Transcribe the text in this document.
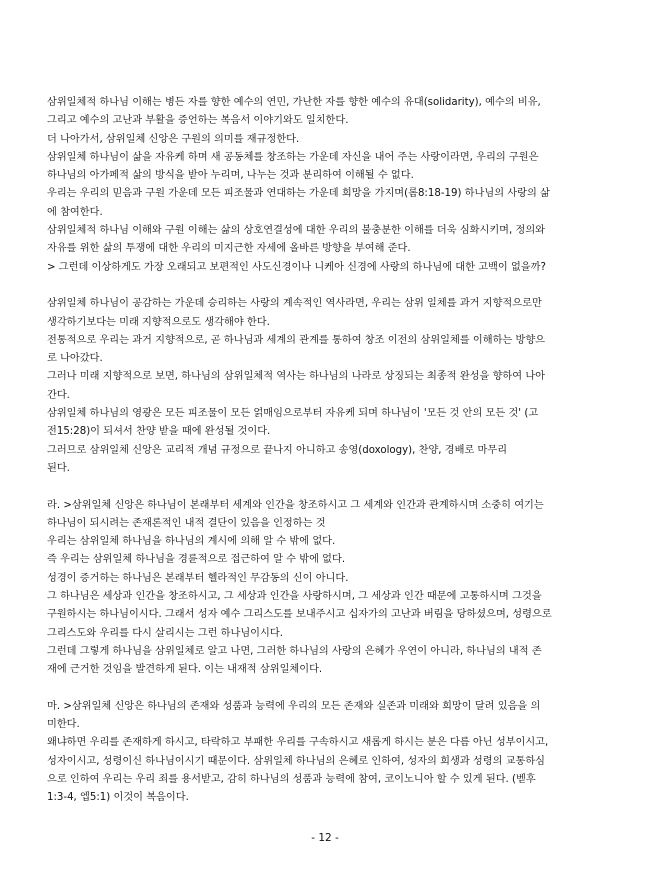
삼위일체적 하나님 이해는 병든 자를 향한 예수의 연민, 가난한 자를 향한 예수의 유대(solidarity), 예수의 비유,

그리고 예수의 고난과 부활을 증언하는 복음서 이야기와도 일치한다.

더 나아가서, 삼위일체 신앙은 구원의 의미를 재규정한다.

삼위일체 하나님이 삶을 자유케 하며 새 공동체를 창조하는 가운데 자신을 내어 주는 사랑이라면, 우리의 구원은

하나님의 아가페적 삶의 방식을 받아 누리며, 나누는 것과 분리하여 이해될 수 없다.

우리는 우리의 믿음과 구원 가운데 모든 피조물과 연대하는 가운데 희망을 가지며(롬8:18-19) 하나님의 사랑의 삶

에 참여한다.

삼위일체적 하나님 이해와 구원 이해는 삶의 상호연결성에 대한 우리의 불충분한 이해를 더욱 심화시키며, 정의와

자유를 위한 삶의 투쟁에 대한 우리의 미지근한 자세에 올바른 방향을 부여해 준다.

> 그런데 이상하게도 가장 오래되고 보편적인 사도신경이나 니케아 신경에 사랑의 하나님에 대한 고백이 없을까?

삼위일체 하나님이 공감하는 가운데 승리하는 사랑의 계속적인 역사라면, 우리는 삼위 일체를 과거 지향적으로만

생각하기보다는 미래 지향적으로도 생각해야 한다.

전통적으로 우리는 과거 지향적으로, 곧 하나님과 세계의 관계를 통하여 창조 이전의 삼위일체를 이해하는 방향으

로 나아갔다.

그러나 미래 지향적으로 보면, 하나님의 삼위일체적 역사는 하나님의 나라로 상징되는 최종적 완성을 향하여 나아

간다.

삼위일체 하나님의 영광은 모든 피조물이 모든 얽매임으로부터 자유케 되며 하나님이 '모든 것 안의 모든 것' (고

전15:28)이 되셔서 찬양 받을 때에 완성될 것이다.

그러므로 삼위일체 신앙은 교리적 개념 규정으로 끝나지 아니하고 송영(doxology), 찬양, 경배로 마무리

된다.

라. >삼위일체 신앙은 하나님이 본래부터 세계와 인간을 창조하시고 그 세계와 인간과 관계하시며 소중히 여기는

하나님이 되시려는 존재론적인 내적 결단이 있음을 인정하는 것

우리는 삼위일체 하나님을 하나님의 계시에 의해 알 수 밖에 없다.

즉 우리는 삼위일체 하나님을 경륜적으로 접근하여 알 수 밖에 없다.

성경이 증거하는 하나님은 본래부터 헬라적인 무감동의 신이 아니다.

그 하나님은 세상과 인간을 창조하시고, 그 세상과 인간을 사랑하시며, 그 세상과 인간 때문에 고통하시며 그것을

구원하시는 하나님이시다. 그래서 성자 예수 그리스도를 보내주시고 십자가의 고난과 버림을 당하셨으며, 성령으로

그리스도와 우리를 다시 살리시는 그런 하나님이시다.

그런데 그렇게 하나님을 삼위일체로 알고 나면, 그러한 하나님의 사랑의 은혜가 우연이 아니라, 하나님의 내적 존

재에 근거한 것임을 발견하게 된다. 이는 내재적 삼위일체이다.

마. >삼위일체 신앙은 하나님의 존재와 성품과 능력에 우리의 모든 존재와 실존과 미래와 희망이 달려 있음을 의

미한다.

왜냐하면 우리를 존재하게 하시고, 타락하고 부패한 우리를 구속하시고 새롭게 하시는 분은 다름 아닌 성부이시고,

성자이시고, 성령이신 하나님이시기 때문이다. 삼위일체 하나님의 은혜로 인하여, 성자의 희생과 성령의 교통하심

으로 인하여 우리는 우리 죄를 용서받고, 감히 하나님의 성품과 능력에 참여, 코이노니아 할 수 있게 된다. (벧후

1:3-4, 엡5:1) 이것이 복음이다.

- 12 -
